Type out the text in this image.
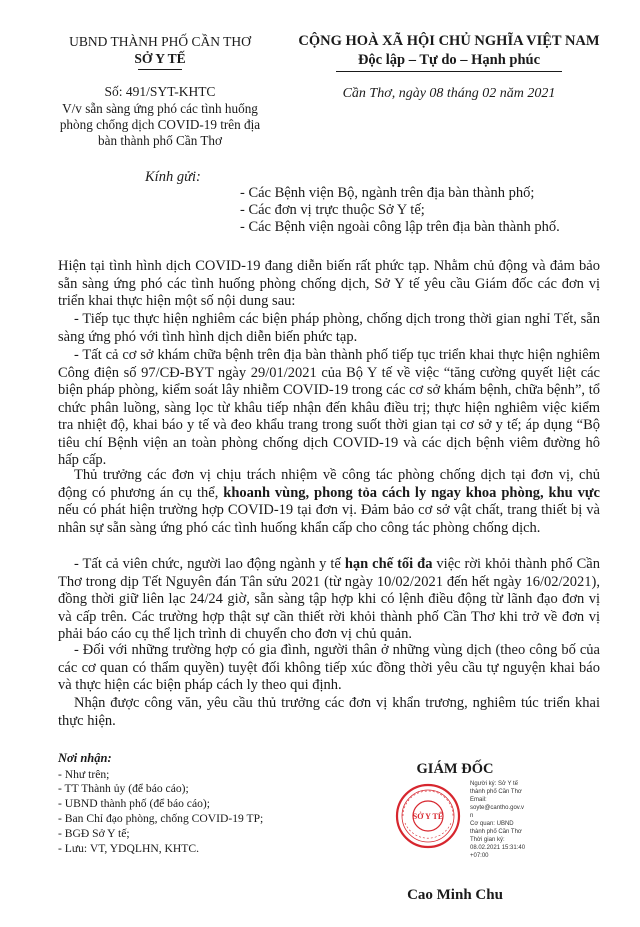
UBND THÀNH PHỐ CẦN THƠ
SỞ Y TẾ
CỘNG HOÀ XÃ HỘI CHỦ NGHĨA VIỆT NAM
Độc lập – Tự do – Hạnh phúc
Số: 491/SYT-KHTC
V/v sẵn sàng ứng phó các tình huống
phòng chống dịch COVID-19 trên địa
bàn thành phố Cần Thơ
Cần Thơ, ngày 08 tháng 02 năm 2021
Kính gửi:
- Các Bệnh viện Bộ, ngành trên địa bàn thành phố;
- Các đơn vị trực thuộc Sở Y tế;
- Các Bệnh viện ngoài công lập trên địa bàn thành phố.
Hiện tại tình hình dịch COVID-19 đang diễn biến rất phức tạp. Nhằm chủ động và đảm bảo sẵn sàng ứng phó các tình huống phòng chống dịch, Sở Y tế yêu cầu Giám đốc các đơn vị triển khai thực hiện một số nội dung sau:
- Tiếp tục thực hiện nghiêm các biện pháp phòng, chống dịch trong thời gian nghỉ Tết, sẵn sàng ứng phó với tình hình dịch diễn biến phức tạp.
- Tất cả cơ sở khám chữa bệnh trên địa bàn thành phố tiếp tục triển khai thực hiện nghiêm Công điện số 97/CĐ-BYT ngày 29/01/2021 của Bộ Y tế về việc “tăng cường quyết liệt các biện pháp phòng, kiểm soát lây nhiễm COVID-19 trong các cơ sở khám bệnh, chữa bệnh”, tổ chức phân luồng, sàng lọc từ khâu tiếp nhận đến khâu điều trị; thực hiện nghiêm việc kiểm tra nhiệt độ, khai báo y tế và đeo khẩu trang trong suốt thời gian tại cơ sở y tế; áp dụng “Bộ tiêu chí Bệnh viện an toàn phòng chống dịch COVID-19 và các dịch bệnh viêm đường hô hấp cấp.
Thủ trưởng các đơn vị chịu trách nhiệm về công tác phòng chống dịch tại đơn vị, chủ động có phương án cụ thể, khoanh vùng, phong tỏa cách ly ngay khoa phòng, khu vực nếu có phát hiện trường hợp COVID-19 tại đơn vị. Đảm bảo cơ sở vật chất, trang thiết bị và nhân sự sẵn sàng ứng phó các tình huống khẩn cấp cho công tác phòng chống dịch.
- Tất cả viên chức, người lao động ngành y tế hạn chế tối đa việc rời khỏi thành phố Cần Thơ trong dịp Tết Nguyên đán Tân sửu 2021 (từ ngày 10/02/2021 đến hết ngày 16/02/2021), đồng thời giữ liên lạc 24/24 giờ, sẵn sàng tập hợp khi có lệnh điều động từ lãnh đạo đơn vị và cấp trên. Các trường hợp thật sự cần thiết rời khỏi thành phố Cần Thơ khi trở về đơn vị phải báo cáo cụ thể lịch trình di chuyển cho đơn vị chủ quản.
- Đối với những trường hợp có gia đình, người thân ở những vùng dịch (theo công bố của các cơ quan có thẩm quyền) tuyệt đối không tiếp xúc đồng thời yêu cầu tự nguyện khai báo và thực hiện các biện pháp cách ly theo qui định.
Nhận được công văn, yêu cầu thủ trưởng các đơn vị khẩn trương, nghiêm túc triển khai thực hiện.
Nơi nhận:
- Như trên;
- TT Thành ủy (để báo cáo);
- UBND thành phố (để báo cáo);
- Ban Chỉ đạo phòng, chống COVID-19 TP;
- BGĐ Sở Y tế;
- Lưu: VT, YDQLHN, KHTC.
GIÁM ĐỐC
SỞ Y TẾ
Người ký: Sở Y tế
thành phố Cần Thơ
Email:
soyte@cantho.gov.v
n
Cơ quan: UBND
thành phố Cần Thơ
Thời gian ký:
08.02.2021 15:31:40
+07:00
Cao Minh Chu
